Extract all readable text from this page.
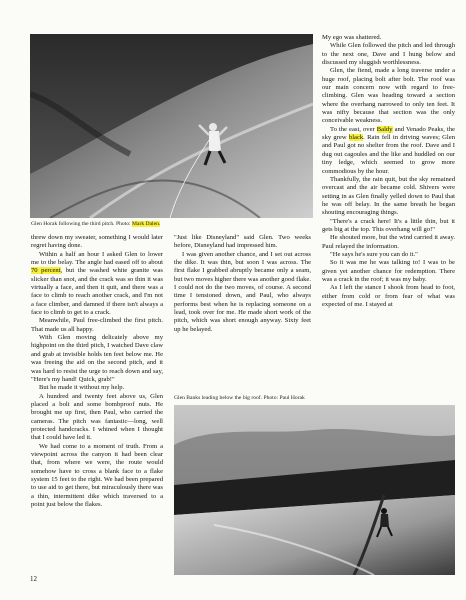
Glen Horak following the third pitch. Photo: Mark Dalen.

threw down my sweater, something I would later regret having done.

Within a half an hour I asked Glen to lower me to the belay. The angle had eased off to about 70 percent, but the washed white granite was slicker than snot, and the crack was so thin it was virtually a face, and then it quit, and there was a face to climb to reach another crack, and I'm not a face climber, and damned if there isn't always a face to climb to get to a crack.

Meanwhile, Paul free-climbed the first pitch. That made us all happy.

With Glen moving delicately above my highpoint on the third pitch, I watched Dave claw and grab at invisible holds ten feet below me. He was freeing the aid on the second pitch, and it was hard to resist the urge to reach down and say, "Here's my hand! Quick, grab!"

But he made it without my help.

A hundred and twenty feet above us, Glen placed a bolt and some bombproof nuts. He brought me up first, then Paul, who carried the cameras. The pitch was fantastic—long, well protected handcracks. I whined when I thought that I could have led it.

We had come to a moment of truth. From a viewpoint across the canyon it had been clear that, from where we were, the route would somehow have to cross a blank face to a flake system 15 feet to the right. We had been prepared to use aid to get there, but miraculously there was a thin, intermittent dike which traversed to a point just below the flakes.

"Just like Disneyland" said Glen. Two weeks before, Disneyland had impressed him.

I was given another chance, and I set out across the dike. It was thin, but soon I was across. The first flake I grabbed abruptly became only a seam, but two moves higher there was another good flake. I could not do the two moves, of course. A second time I tensioned down, and Paul, who always performs best when he is replacing someone on a lead, took over for me. He made short work of the pitch, which was short enough anyway. Sixty feet up he belayed.

My ego was shattered.

While Glen followed the pitch and led through to the next one, Dave and I hung below and discussed my sluggish worthlessness.

Glen, the fiend, made a long traverse under a huge roof, placing bolt after bolt. The roof was our main concern now with regard to free-climbing. Glen was heading toward a section where the overhang narrowed to only ten feet. It was nifty because that section was the only conceivable weakness.

To the east, over Baldy and Venado Peaks, the sky grew black. Rain fell in driving waves; Glen and Paul got no shelter from the roof. Dave and I dug out cagoules and the like and huddled on our tiny ledge, which seemed to grow more commodious by the hour.

Thankfully, the rain quit, but the sky remained overcast and the air became cold. Shivers were setting in as Glen finally yelled down to Paul that he was off belay. In the same breath he began shouting encouraging things.

"There's a crack here! It's a little thin, but it gets big at the top. This overhang will go!"

He shouted more, but the wind carried it away. Paul relayed the information.

"He says he's sure you can do it."

So it was me he was talking to! I was to be given yet another chance for redemption. There was a crack in the roof; it was my baby.

As I left the stance I shook from head to foot, either from cold or from fear of what was expected of me. I stayed at

Glen Banks leading below the big roof. Photo: Paul Horak
12
